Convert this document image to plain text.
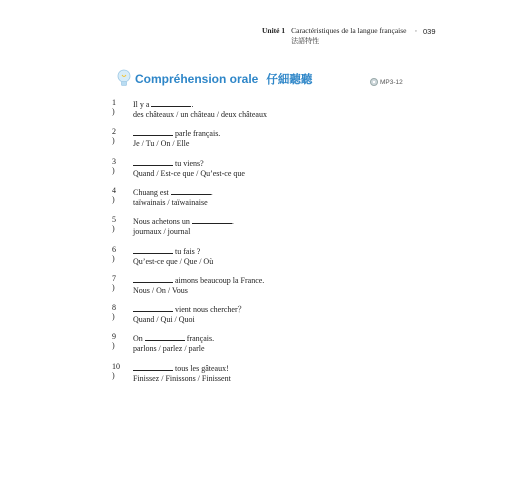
Unité 1 Caractéristiques de la langue française
法語特性
◦ 039
Compréhension orale 仔細聽聽	MP3-12
1 )
Il y a	.
des châteaux / un château / deux châteaux
2 )
parle français.
Je / Tu / On / Elle
3 )
tu viens?
Quand / Est-ce que / Qu’est-ce que
4 )
Chuang est	.
taïwainais / taïwainaise
5 )
Nous achetons un	.
journaux / journal
6 )
tu fais ?
Qu’est-ce que / Que / Où
7 )
aimons beaucoup la France.
Nous / On / Vous
8 )
vient nous chercher？
Quand / Qui / Quoi
9 )
On	français.
parlons / parlez / parle
10 )
tous les gâteaux!
Finissez / Finissons / Finissent
